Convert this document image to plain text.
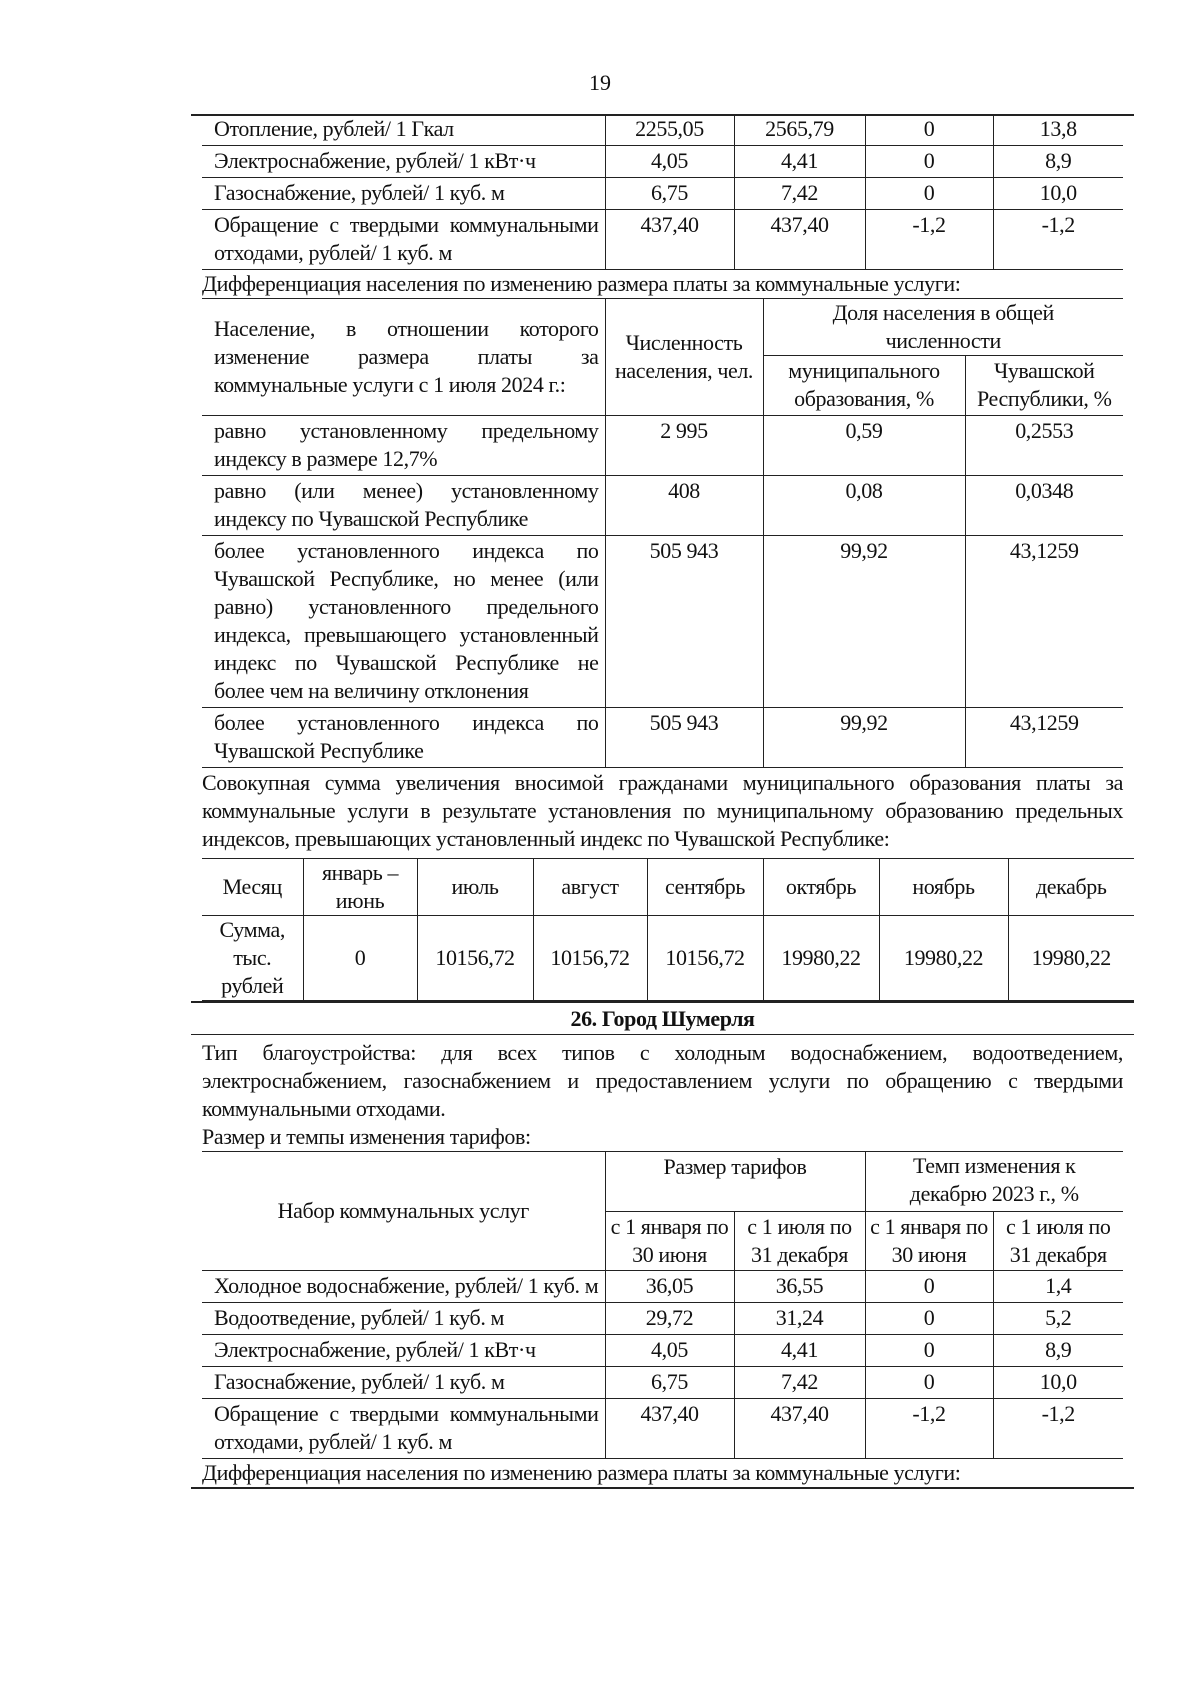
19
Отопление, рублей/ 1 Гкал	2255,05	2565,79	0	13,8
Электроснабжение, рублей/ 1 кВт·ч	4,05	4,41	0	8,9
Газоснабжение, рублей/ 1 куб. м	6,75	7,42	0	10,0
Обращение с твердыми коммунальными отходами, рублей/ 1 куб. м	437,40	437,40	-1,2	-1,2

Дифференциация населения по изменению размера платы за коммунальные услуги:

Население, в отношении которого изменение размера платы за коммунальные услуги с 1 июля 2024 г.:	Численность населения, чел.	Доля населения в общей численности	
		муниципального образования, %	Чувашской Республики, %
равно установленному предельному индексу в размере 12,7%	2 995	0,59	0,2553
равно (или менее) установленному индексу по Чувашской Республике	408	0,08	0,0348
более установленного индекса по Чувашской Республике, но менее (или равно) установленного предельного индекса, превышающего установленный индекс по Чувашской Республике не более чем на величину отклонения	505 943	99,92	43,1259
более установленного индекса по Чувашской Республике	505 943	99,92	43,1259

Совокупная сумма увеличения вносимой гражданами муниципального образования платы за коммунальные услуги в результате установления по муниципальному образованию предельных индексов, превышающих установленный индекс по Чувашской Республике:

Месяц	январь – июнь	июль	август	сентябрь	октябрь	ноябрь	декабрь
Сумма, тыс. рублей	0	10156,72	10156,72	10156,72	19980,22	19980,22	19980,22
26. Город Шумерля

Тип благоустройства: для всех типов с холодным водоснабжением, водоотведением, электроснабжением, газоснабжением и предоставлением услуги по обращению с твердыми коммунальными отходами.

Размер и темпы изменения тарифов:

Набор коммунальных услуг	Размер тарифов		Темп изменения к декабрю 2023 г., %	
	с 1 января по 30 июня	с 1 июля по 31 декабря	с 1 января по 30 июня	с 1 июля по 31 декабря
Холодное водоснабжение, рублей/ 1 куб. м	36,05	36,55	0	1,4
Водоотведение, рублей/ 1 куб. м	29,72	31,24	0	5,2
Электроснабжение, рублей/ 1 кВт·ч	4,05	4,41	0	8,9
Газоснабжение, рублей/ 1 куб. м	6,75	7,42	0	10,0
Обращение с твердыми коммунальными отходами, рублей/ 1 куб. м	437,40	437,40	-1,2	-1,2

Дифференциация населения по изменению размера платы за коммунальные услуги:
